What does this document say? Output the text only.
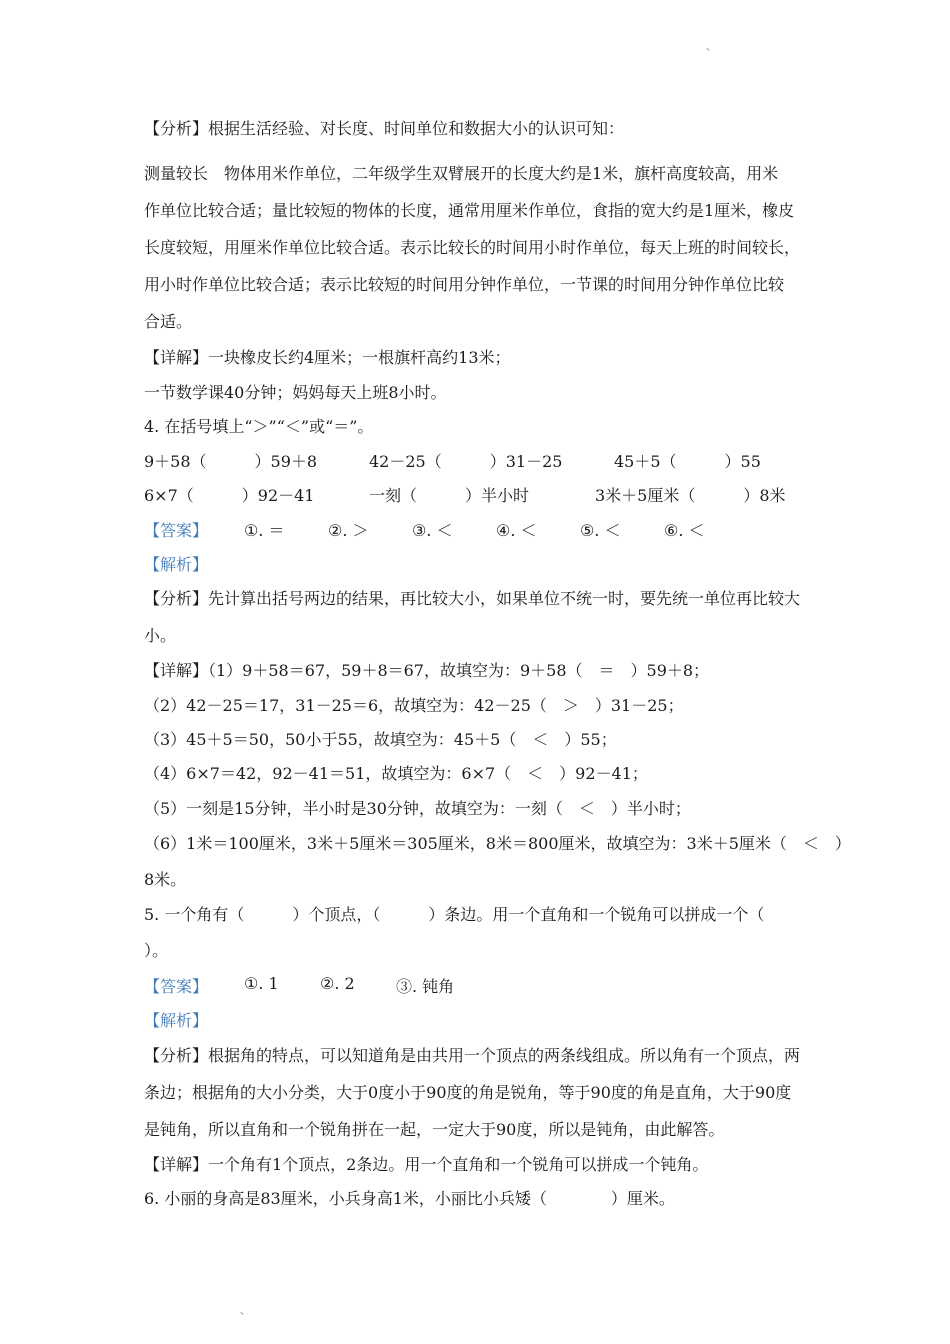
、

【分析】根据生活经验、对长度、时间单位和数据大小的认识可知：

测量较长　物体用米作单位，二年级学生双臂展开的长度大约是1米，旗杆高度较高，用米

作单位比较合适；量比较短的物体的长度，通常用厘米作单位，食指的宽大约是1厘米，橡皮

长度较短，用厘米作单位比较合适。表示比较长的时间用小时作单位，每天上班的时间较长，

用小时作单位比较合适；表示比较短的时间用分钟作单位，一节课的时间用分钟作单位比较

合适。

【详解】一块橡皮长约4厘米；一根旗杆高约13米；

一节数学课40分钟；妈妈每天上班8小时。

4. 在括号填上“＞”“＜”或“＝”。

9＋58（　　　）59＋8	42－25（　　　）31－25	45＋5（　　　）55
6×7（　　　）92－41	一刻（　　　）半小时	3米＋5厘米（　　　）8米
【答案】	①. ＝	②. ＞	③. ＜	④. ＜	⑤. ＜	⑥. ＜

【解析】

【分析】先计算出括号两边的结果，再比较大小，如果单位不统一时，要先统一单位再比较大

小。

【详解】（1）9＋58＝67，59＋8＝67，故填空为：9＋58（　＝　）59＋8；

（2）42－25＝17，31－25＝6，故填空为：42－25（　＞　）31－25；

（3）45＋5＝50，50小于55，故填空为：45＋5（　＜　）55；

（4）6×7＝42，92－41＝51，故填空为：6×7（　＜　）92－41；

（5）一刻是15分钟，半小时是30分钟，故填空为：一刻（　＜　）半小时；

（6）1米＝100厘米，3米＋5厘米＝305厘米，8米＝800厘米，故填空为：3米＋5厘米（　＜　）

8米。

5. 一个角有（　　　）个顶点，（　　　）条边。用一个直角和一个锐角可以拼成一个（

）。

【答案】	①. 1	②. 2	③. 钝角

【解析】

【分析】根据角的特点，可以知道角是由共用一个顶点的两条线组成。所以角有一个顶点，两

条边；根据角的大小分类，大于0度小于90度的角是锐角，等于90度的角是直角，大于90度

是钝角，所以直角和一个锐角拼在一起，一定大于90度，所以是钝角，由此解答。

【详解】一个角有1个顶点，2条边。用一个直角和一个锐角可以拼成一个钝角。

6. 小丽的身高是83厘米，小兵身高1米，小丽比小兵矮（　　　　）厘米。

、
